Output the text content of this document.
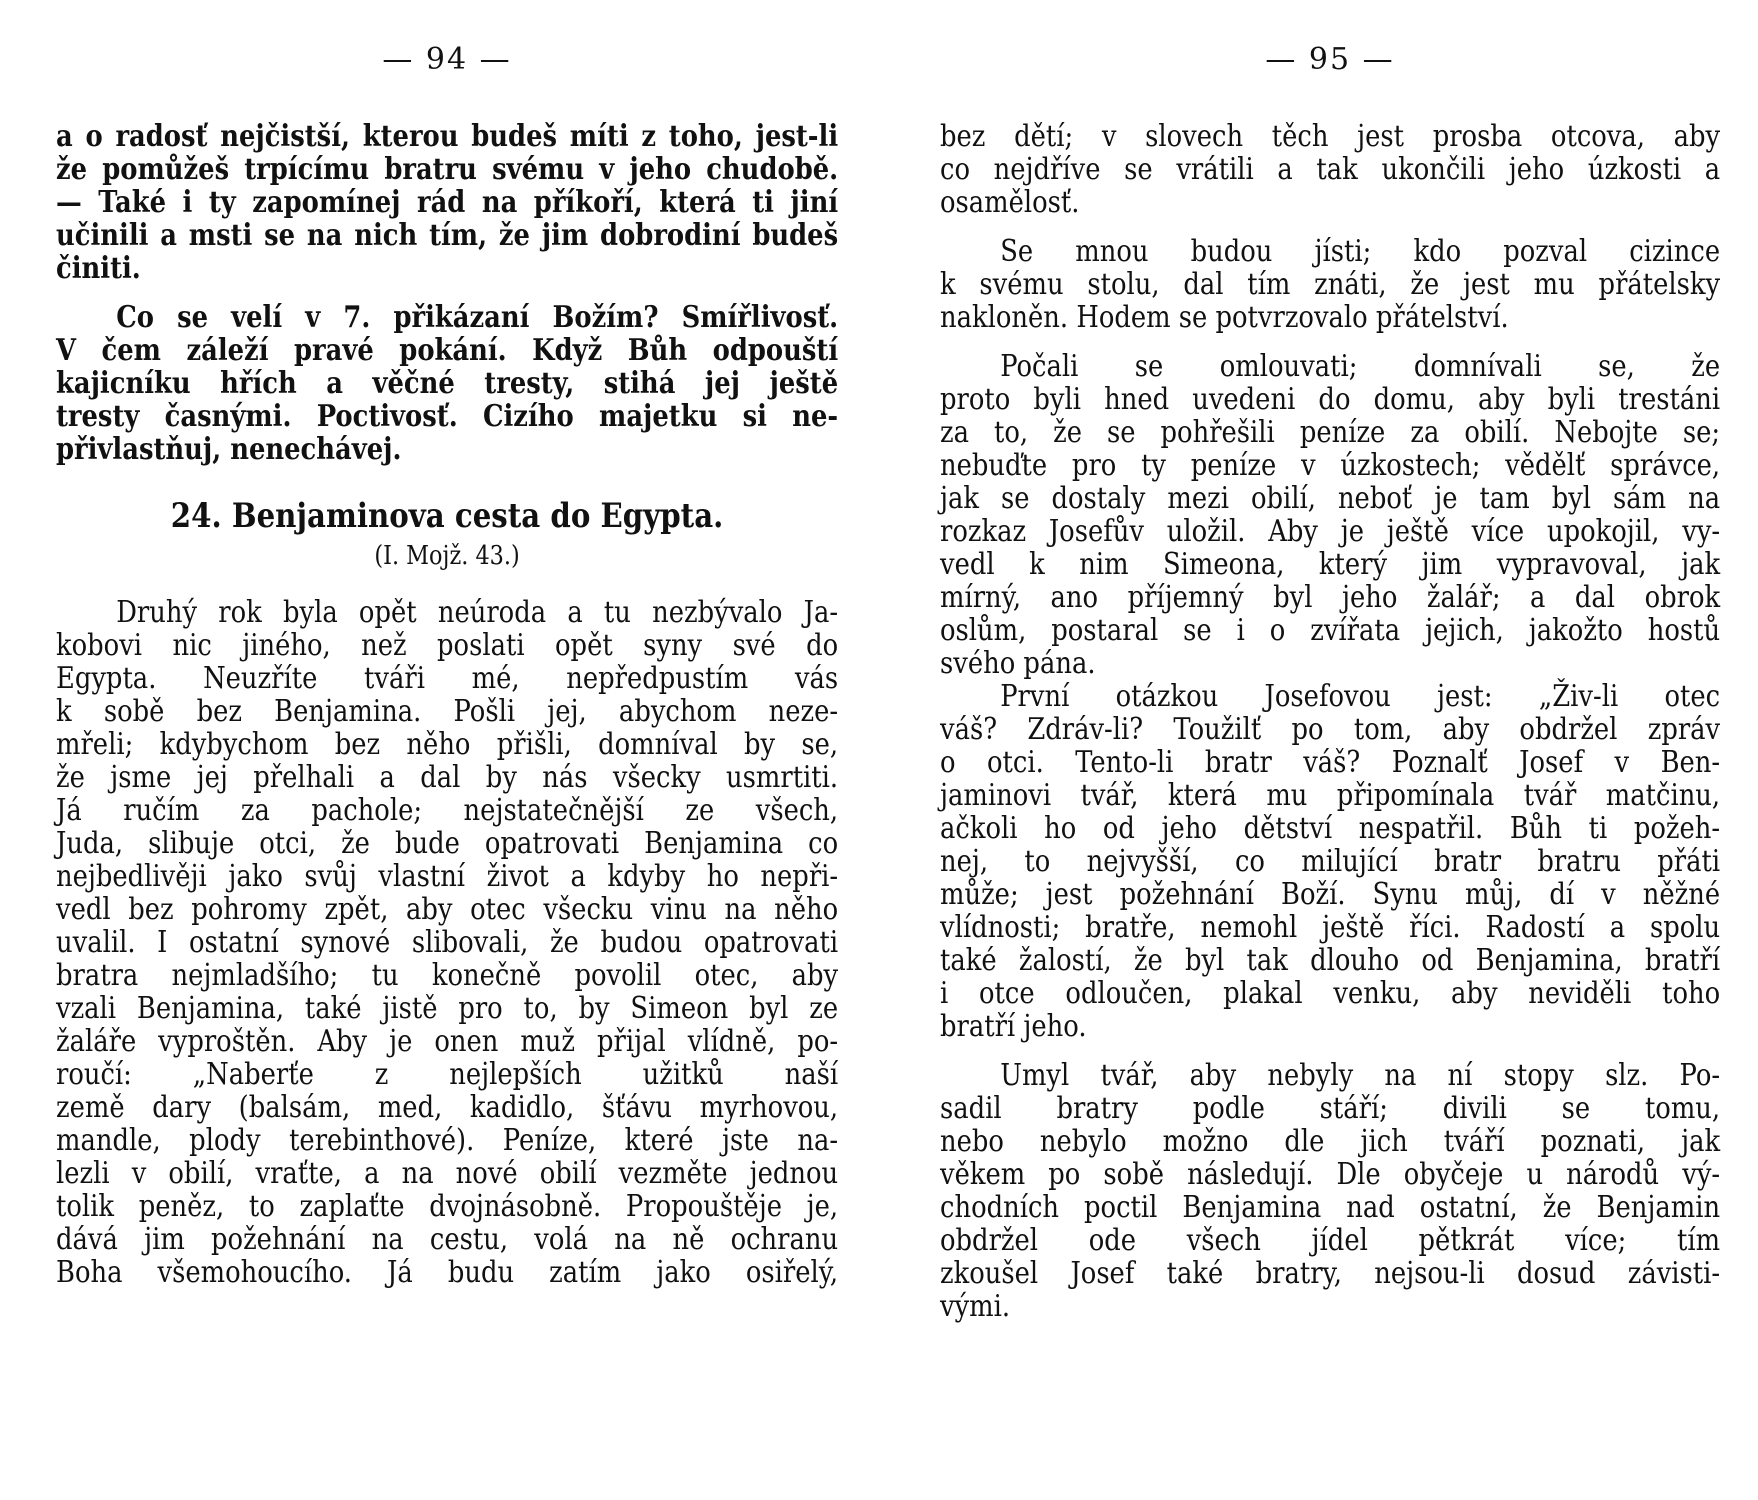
— 94 —
a o radosť nejčistší, kterou budeš míti z toho, jest-li
že pomůžeš trpícímu bratru svému v jeho chudobě.
— Také i ty zapomínej rád na příkoří, která ti jiní
učinili a msti se na nich tím, že jim dobrodiní budeš
činiti.
Co se velí v 7. přikázaní Božím? Smířlivosť.
V čem záleží pravé pokání. Když Bůh odpouští
kajicníku hřích a věčné tresty, stihá jej ještě
tresty časnými. Poctivosť. Cizího majetku si ne-
přivlastňuj, nenechávej.
24. Benjaminova cesta do Egypta.
(I. Mojž. 43.)
Druhý rok byla opět neúroda a tu nezbývalo Ja-
kobovi nic jiného, než poslati opět syny své do
Egypta. Neuzříte tváři mé, nepředpustím vás
k sobě bez Benjamina. Pošli jej, abychom neze-
mřeli; kdybychom bez něho přišli, domníval by se,
že jsme jej přelhali a dal by nás všecky usmrtiti.
Já ručím za pachole; nejstatečnější ze všech,
Juda, slibuje otci, že bude opatrovati Benjamina co
nejbedlivěji jako svůj vlastní život a kdyby ho nepři-
vedl bez pohromy zpět, aby otec všecku vinu na něho
uvalil. I ostatní synové slibovali, že budou opatrovati
bratra nejmladšího; tu konečně povolil otec, aby
vzali Benjamina, také jistě pro to, by Simeon byl ze
žaláře vyproštěn. Aby je onen muž přijal vlídně, po-
roučí: „Naberťe z nejlepších užitků naší
země dary (balsám, med, kadidlo, šťávu myrhovou,
mandle, plody terebinthové). Peníze, které jste na-
lezli v obilí, vraťte, a na nové obilí vezměte jednou
tolik peněz, to zaplaťte dvojnásobně. Propouštěje je,
dává jim požehnání na cestu, volá na ně ochranu
Boha všemohoucího. Já budu zatím jako osiřelý,
— 95 —
bez dětí; v slovech těch jest prosba otcova, aby
co nejdříve se vrátili a tak ukončili jeho úzkosti a
osamělosť.
Se mnou budou jísti; kdo pozval cizince
k svému stolu, dal tím znáti, že jest mu přátelsky
nakloněn. Hodem se potvrzovalo přátelství.
Počali se omlouvati; domnívali se, že
proto byli hned uvedeni do domu, aby byli trestáni
za to, že se pohřešili peníze za obilí. Nebojte se;
nebuďte pro ty peníze v úzkostech; vědělť správce,
jak se dostaly mezi obilí, neboť je tam byl sám na
rozkaz Josefův uložil. Aby je ještě více upokojil, vy-
vedl k nim Simeona, který jim vypravoval, jak
mírný, ano příjemný byl jeho žalář; a dal obrok
oslům, postaral se i o zvířata jejich, jakožto hostů
svého pána.
První otázkou Josefovou jest: „Živ-li otec
váš? Zdráv-li? Toužilť po tom, aby obdržel zpráv
o otci. Tento-li bratr váš? Poznalť Josef v Ben-
jaminovi tvář, která mu připomínala tvář matčinu,
ačkoli ho od jeho dětství nespatřil. Bůh ti požeh-
nej, to nejvyšší, co milující bratr bratru přáti
může; jest požehnání Boží. Synu můj, dí v něžné
vlídnosti; bratře, nemohl ještě říci. Radostí a spolu
také žalostí, že byl tak dlouho od Benjamina, bratří
i otce odloučen, plakal venku, aby neviděli toho
bratří jeho.
Umyl tvář, aby nebyly na ní stopy slz. Po-
sadil bratry podle stáří; divili se tomu,
nebo nebylo možno dle jich tváří poznati, jak
věkem po sobě následují. Dle obyčeje u národů vý-
chodních poctil Benjamina nad ostatní, že Benjamin
obdržel ode všech jídel pětkrát více; tím
zkoušel Josef také bratry, nejsou-li dosud závisti-
vými.
